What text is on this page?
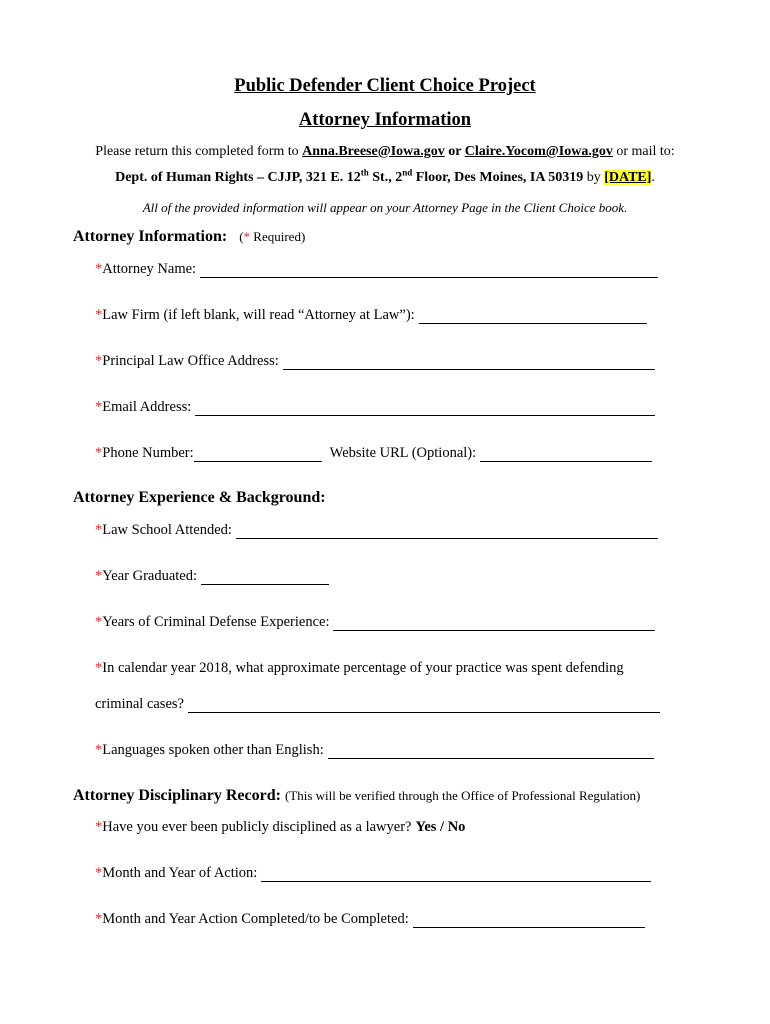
Public Defender Client Choice Project
Attorney Information
Please return this completed form to Anna.Breese@Iowa.gov or Claire.Yocom@Iowa.gov or mail to:
Dept. of Human Rights – CJJP, 321 E. 12th St., 2nd Floor, Des Moines, IA 50319 by [DATE].
All of the provided information will appear on your Attorney Page in the Client Choice book.
Attorney Information: (* Required)
* Attorney Name:
* Law Firm (if left blank, will read “Attorney at Law”):
* Principal Law Office Address:
* Email Address:
* Phone Number:	Website URL (Optional):
Attorney Experience & Background:
* Law School Attended:
* Year Graduated:
* Years of Criminal Defense Experience:
* In calendar year 2018, what approximate percentage of your practice was spent defending
criminal cases?
* Languages spoken other than English:
Attorney Disciplinary Record: (This will be verified through the Office of Professional Regulation)
* Have you ever been publicly disciplined as a lawyer? Yes / No
* Month and Year of Action:
* Month and Year Action Completed/to be Completed:
